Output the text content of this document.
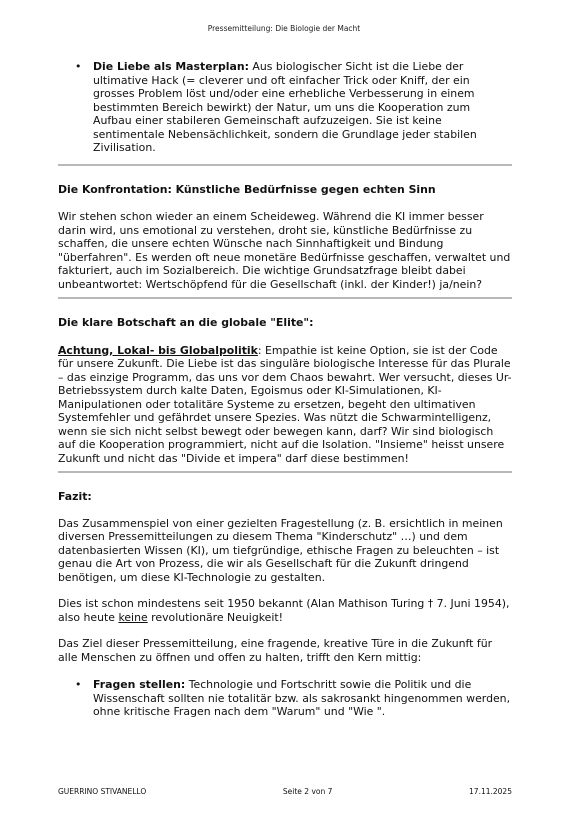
Pressemitteilung: Die Biologie der Macht
• Die Liebe als Masterplan: Aus biologischer Sicht ist die Liebe der ultimative Hack (= cleverer und oft einfacher Trick oder Kniff, der ein grosses Problem löst und/oder eine erhebliche Verbesserung in einem bestimmten Bereich bewirkt) der Natur, um uns die Kooperation zum Aufbau einer stabileren Gemeinschaft aufzuzeigen. Sie ist keine sentimentale Nebensächlichkeit, sondern die Grundlage jeder stabilen Zivilisation.

Die Konfrontation: Künstliche Bedürfnisse gegen echten Sinn

Wir stehen schon wieder an einem Scheideweg. Während die KI immer besser darin wird, uns emotional zu verstehen, droht sie, künstliche Bedürfnisse zu schaffen, die unsere echten Wünsche nach Sinnhaftigkeit und Bindung "überfahren". Es werden oft neue monetäre Bedürfnisse geschaffen, verwaltet und fakturiert, auch im Sozialbereich. Die wichtige Grundsatzfrage bleibt dabei unbeantwortet: Wertschöpfend für die Gesellschaft (inkl. der Kinder!) ja/nein?

Die klare Botschaft an die globale "Elite":

Achtung, Lokal- bis Globalpolitik: Empathie ist keine Option, sie ist der Code für unsere Zukunft. Die Liebe ist das singuläre biologische Interesse für das Plurale – das einzige Programm, das uns vor dem Chaos bewahrt. Wer versucht, dieses Ur-Betriebssystem durch kalte Daten, Egoismus oder KI-Simulationen, KI-Manipulationen oder totalitäre Systeme zu ersetzen, begeht den ultimativen Systemfehler und gefährdet unsere Spezies. Was nützt die Schwarmintelligenz, wenn sie sich nicht selbst bewegt oder bewegen kann, darf? Wir sind biologisch auf die Kooperation programmiert, nicht auf die Isolation. "Insieme" heisst unsere Zukunft und nicht das "Divide et impera" darf diese bestimmen!

Fazit:

Das Zusammenspiel von einer gezielten Fragestellung (z. B. ersichtlich in meinen diversen Pressemitteilungen zu diesem Thema "Kinderschutz" …) und dem datenbasierten Wissen (KI), um tiefgründige, ethische Fragen zu beleuchten – ist genau die Art von Prozess, die wir als Gesellschaft für die Zukunft dringend benötigen, um diese KI-Technologie zu gestalten.

Dies ist schon mindestens seit 1950 bekannt (Alan Mathison Turing † 7. Juni 1954), also heute keine revolutionäre Neuigkeit!

Das Ziel dieser Pressemitteilung, eine fragende, kreative Türe in die Zukunft für alle Menschen zu öffnen und offen zu halten, trifft den Kern mittig:

• Fragen stellen: Technologie und Fortschritt sowie die Politik und die Wissenschaft sollten nie totalitär bzw. als sakrosankt hingenommen werden, ohne kritische Fragen nach dem "Warum" und "Wie ".

GUERRINO STIVANELLO	Seite 2 von 7	17.11.2025
